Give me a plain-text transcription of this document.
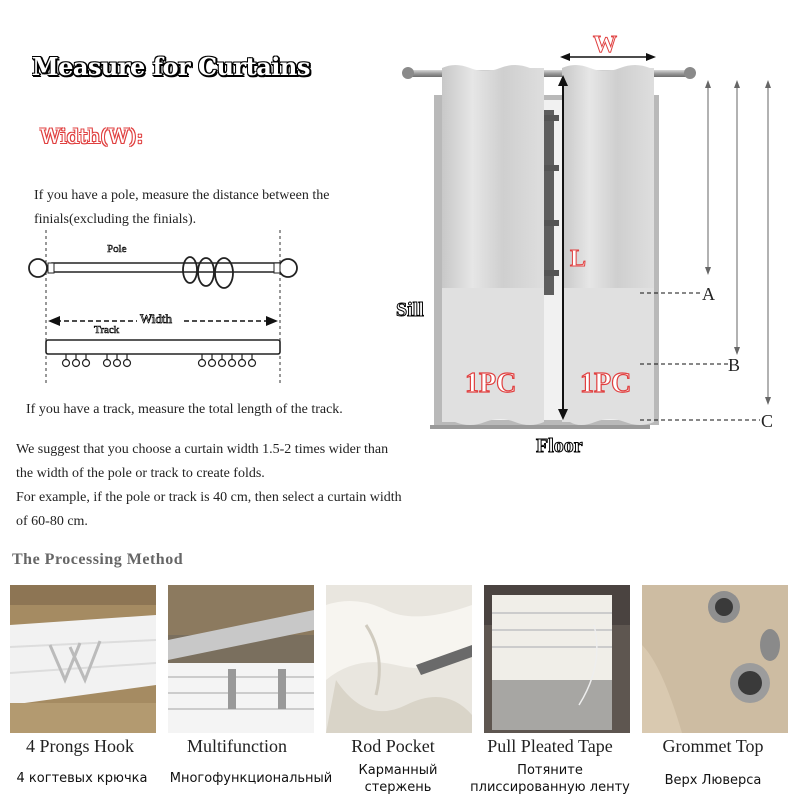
Measure for Curtains
Width(W):
If you have a pole, measure the distance between the finials(excluding the finials).
Pole
Width
Track
If you have a track, measure the total length of the track.
We suggest that you choose a curtain width 1.5-2 times wider than the width of the pole or track to create folds.
For example, if the pole or track is 40 cm, then select a curtain width of 60-80 cm.
W
L
1PC 1PC
Sill
Floor
A
B
C
The Processing Method
4 Prongs Hook	Multifunction	Rod Pocket	Pull Pleated Tape	Grommet Top
4 когтевых крючка	Многофункциональный
Карманный стержень
Потяните плиссированную ленту	Верх Люверса
